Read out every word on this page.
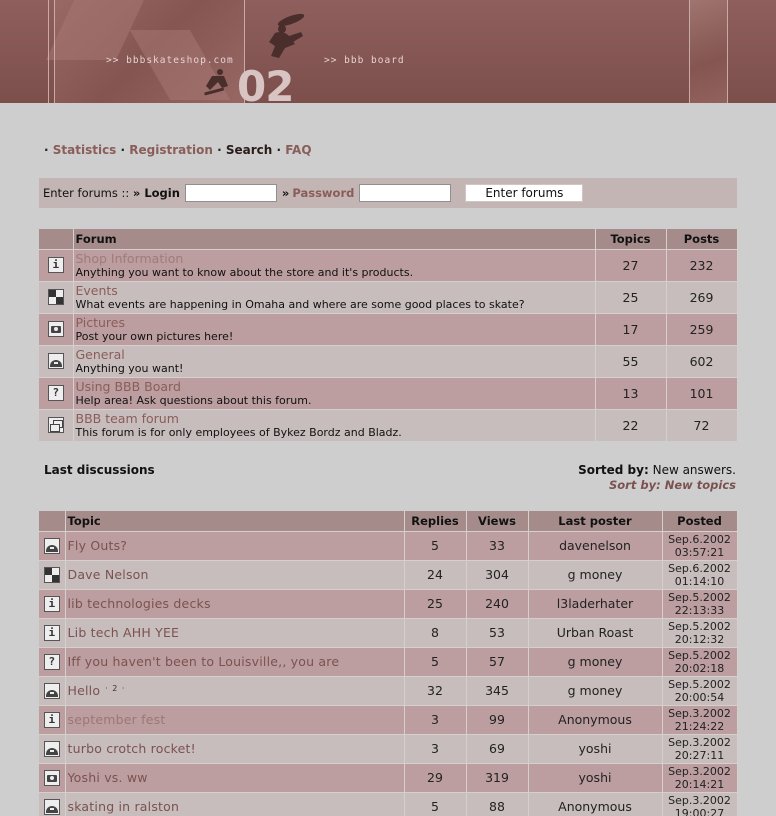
>> bbbskateshop.com	>> bbb board
02
· Statistics · Registration · Search · FAQ
Enter forums :: » Login	» Password	Enter forums
	Forum	Topics	Posts
i	Shop Information
Anything you want to know about the store and it's products.	27	232

	Events
What events are happening in Omaha and where are some good places to skate?	25	269

	Pictures
Post your own pictures here!	17	259

	General
Anything you want!	55	602
?	Using BBB Board
Help area! Ask questions about this forum.	13	101

	BBB team forum
This forum is for only employees of Bykez Bordz and Bladz.	22	72
Last discussions	Sorted by: New answers.
Sort by: New topics
	Topic	Replies	Views	Last poster	Posted
	Fly Outs?	5	33	davenelson	Sep.6.2002
03:57:21
	Dave Nelson	24	304	g money	Sep.6.2002
01:14:10
i	lib technologies decks	25	240	l3laderhater	Sep.5.2002
22:13:33
i	Lib tech AHH YEE	8	53	Urban Roast	Sep.5.2002
20:12:32
?	Iff you haven't been to Louisville,, you are	5	57	g money	Sep.5.2002
20:02:18
	Hello $^{\cdot 2 \cdot}$	32	345	g money	Sep.5.2002
20:00:54
i	september fest	3	99	Anonymous	Sep.3.2002
21:24:22
	turbo crotch rocket!	3	69	yoshi	Sep.3.2002
20:27:11
	Yoshi vs. ww	29	319	yoshi	Sep.3.2002
20:14:21
	skating in ralston	5	88	Anonymous	Sep.3.2002
19:00:27
